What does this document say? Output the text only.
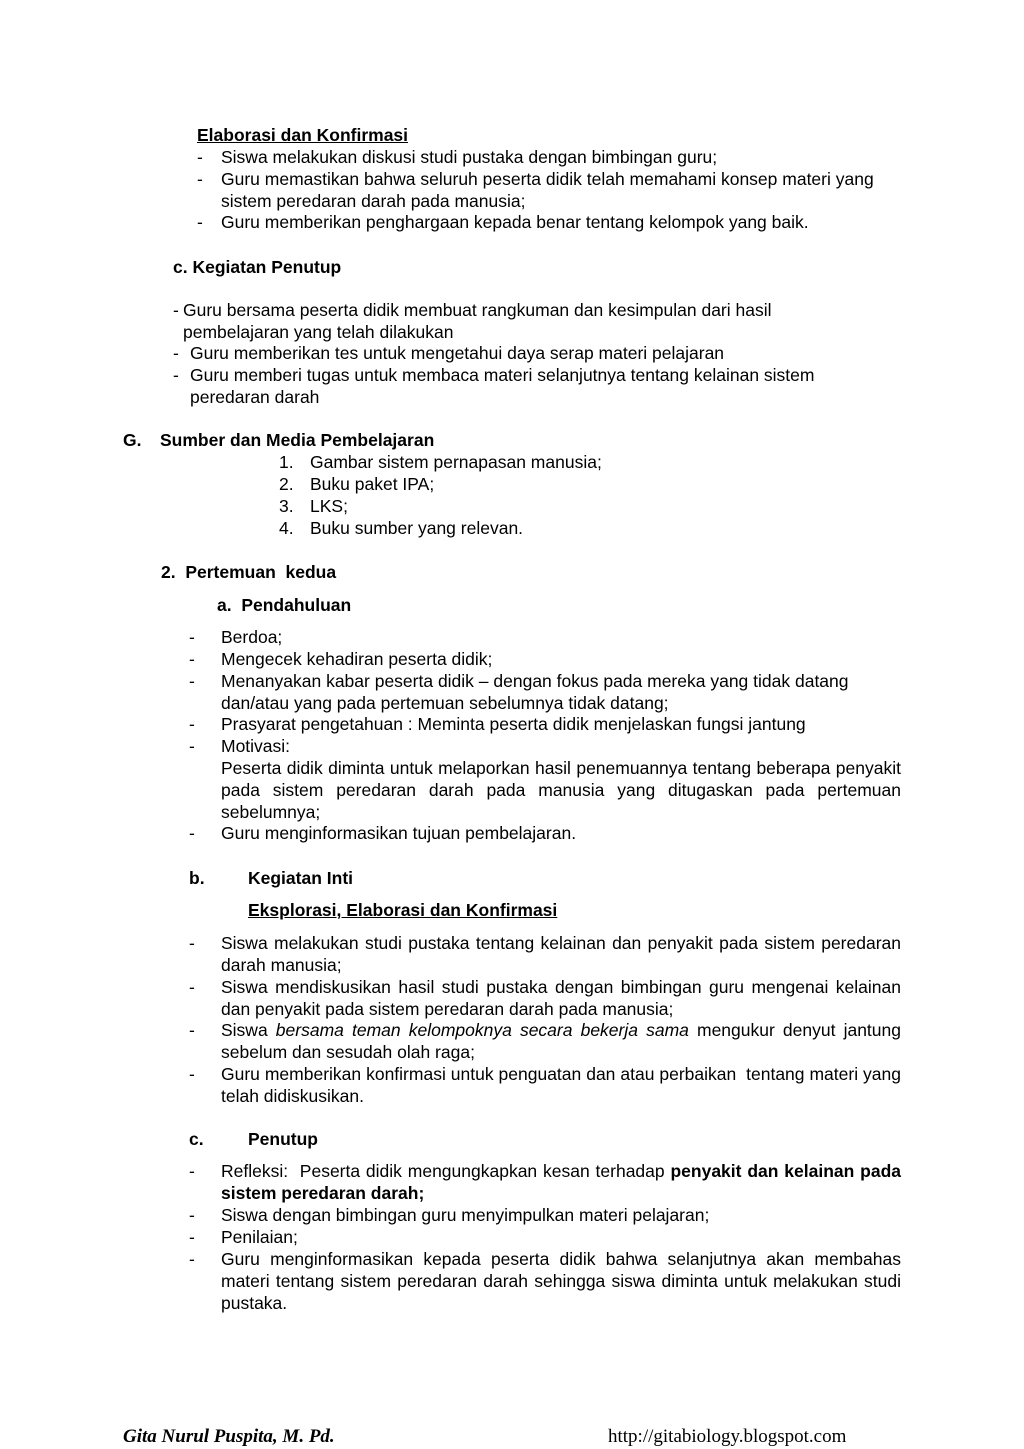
Elaborasi dan Konfirmasi
- Siswa melakukan diskusi studi pustaka dengan bimbingan guru;
- Guru memastikan bahwa seluruh peserta didik telah memahami konsep materi yang sistem peredaran darah pada manusia;
- Guru memberikan penghargaan kepada benar tentang kelompok yang baik.
c. Kegiatan Penutup
- Guru bersama peserta didik membuat rangkuman dan kesimpulan dari hasil pembelajaran yang telah dilakukan
- Guru memberikan tes untuk mengetahui daya serap materi pelajaran
- Guru memberi tugas untuk membaca materi selanjutnya tentang kelainan sistem peredaran darah
G. Sumber dan Media Pembelajaran
1. Gambar sistem pernapasan manusia;
2. Buku paket IPA;
3. LKS;
4. Buku sumber yang relevan.
2.  Pertemuan  kedua
a.  Pendahuluan
- Berdoa;
- Mengecek kehadiran peserta didik;
- Menanyakan kabar peserta didik – dengan fokus pada mereka yang tidak datang dan/atau yang pada pertemuan sebelumnya tidak datang;
- Prasyarat pengetahuan : Meminta peserta didik menjelaskan fungsi jantung
- Motivasi:
Peserta didik diminta untuk melaporkan hasil penemuannya tentang beberapa penyakit pada sistem peredaran darah pada manusia yang ditugaskan pada pertemuan sebelumnya;
- Guru menginformasikan tujuan pembelajaran.
b. Kegiatan Inti
Eksplorasi, Elaborasi dan Konfirmasi
- Siswa melakukan studi pustaka tentang kelainan dan penyakit pada sistem peredaran darah manusia;
- Siswa mendiskusikan hasil studi pustaka dengan bimbingan guru mengenai kelainan dan penyakit pada sistem peredaran darah pada manusia;
- Siswa bersama teman kelompoknya secara bekerja sama mengukur denyut jantung sebelum dan sesudah olah raga;
- Guru memberikan konfirmasi untuk penguatan dan atau perbaikan  tentang materi yang telah didiskusikan.
c.	Penutup
- Refleksi:  Peserta didik mengungkapkan kesan terhadap penyakit dan kelainan pada sistem peredaran darah;
- Siswa dengan bimbingan guru menyimpulkan materi pelajaran;
- Penilaian;
- Guru menginformasikan kepada peserta didik bahwa selanjutnya akan membahas materi tentang sistem peredaran darah sehingga siswa diminta untuk melakukan studi pustaka.
Gita Nurul Puspita, M. Pd.	http://gitabiology.blogspot.com
